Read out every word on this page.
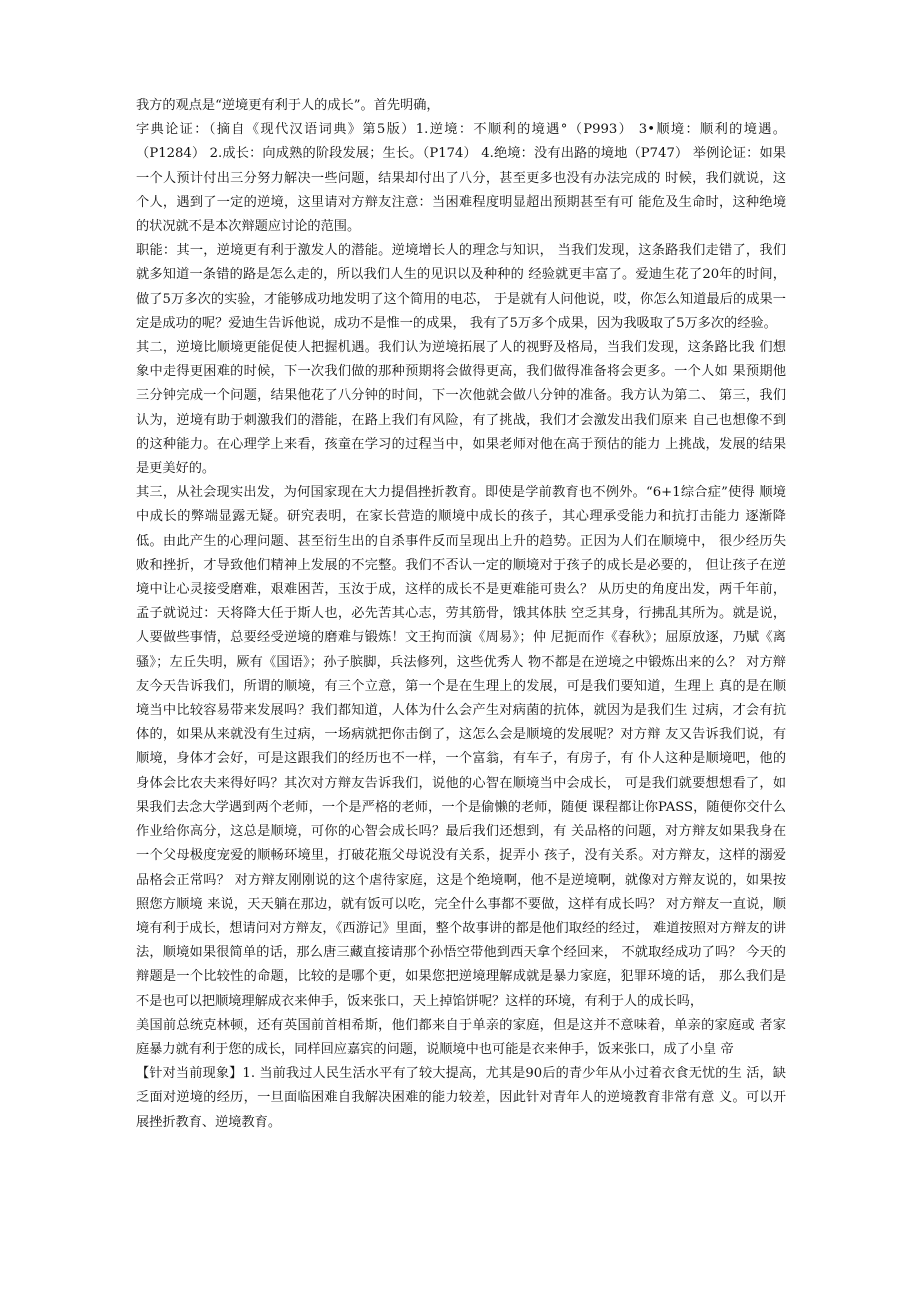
我方的观点是“逆境更有利于人的成长”。首先明确，

字典论证：（摘自《现代汉语词典》第5版）1.逆境：不顺利的境遇°（P993） 3•顺境：顺利的境遇。（P1284） 2.成长：向成熟的阶段发展；生长。（P174） 4.绝境：没有出路的境地（P747） 举例论证：如果一个人预计付出三分努力解决一些问题，结果却付出了八分，甚至更多也没有办法完成的 时候，我们就说，这个人，遇到了一定的逆境，这里请对方辩友注意：当困难程度明显超出预期甚至有可 能危及生命时，这种绝境的状况就不是本次辩题应讨论的范围。

职能：其一，逆境更有利于激发人的潜能。逆境增长人的理念与知识， 当我们发现，这条路我们走错了，我们就多知道一条错的路是怎么走的，所以我们人生的见识以及种种的 经验就更丰富了。爱迪生花了20年的时间，做了5万多次的实验，才能够成功地发明了这个简用的电芯， 于是就有人问他说，哎，你怎么知道最后的成果一定是成功的呢？爱迪生告诉他说，成功不是惟一的成果， 我有了5万多个成果，因为我吸取了5万多次的经验。

其二，逆境比顺境更能促使人把握机遇。我们认为逆境拓展了人的视野及格局，当我们发现，这条路比我 们想象中走得更困难的时候，下一次我们做的那种预期将会做得更高，我们做得准备将会更多。一个人如 果预期他三分钟完成一个问题，结果他花了八分钟的时间，下一次他就会做八分钟的准备。我方认为第二、 第三，我们认为，逆境有助于刺激我们的潜能，在路上我们有风险，有了挑战，我们才会激发出我们原来 自己也想像不到的这种能力。在心理学上来看，孩童在学习的过程当中，如果老师对他在高于预估的能力 上挑战，发展的结果是更美好的。

其三，从社会现实出发，为何国家现在大力提倡挫折教育。即使是学前教育也不例外。“6+1综合症”使得 顺境中成长的弊端显露无疑。研究表明，在家长营造的顺境中成长的孩子，其心理承受能力和抗打击能力 逐渐降低。由此产生的心理问题、甚至衍生出的自杀事件反而呈现出上升的趋势。正因为人们在顺境中， 很少经历失败和挫折，才导致他们精神上发展的不完整。我们不否认一定的顺境对于孩子的成长是必要的， 但让孩子在逆境中让心灵接受磨难，艰难困苦，玉汝于成，这样的成长不是更难能可贵么？ 从历史的角度出发，两千年前，孟子就说过：天将降大任于斯人也，必先苦其心志，劳其筋骨，饿其体肤 空乏其身，行拂乱其所为。就是说，人要做些事情，总要经受逆境的磨难与锻炼！文王拘而演《周易》；仲 尼扼而作《春秋》；屈原放逐，乃赋《离骚》；左丘失明，厥有《国语》；孙子膑脚，兵法修列，这些优秀人 物不都是在逆境之中锻炼出来的么？ 对方辩友今天告诉我们，所谓的顺境，有三个立意，第一个是在生理上的发展，可是我们要知道，生理上 真的是在顺境当中比较容易带来发展吗？我们都知道，人体为什么会产生对病菌的抗体，就因为是我们生 过病，才会有抗体的，如果从来就没有生过病，一场病就把你击倒了，这怎么会是顺境的发展呢？对方辩 友又告诉我们说，有顺境，身体才会好，可是这跟我们的经历也不一样，一个富翁，有车子，有房子，有 仆人这种是顺境吧，他的身体会比农夫来得好吗？其次对方辩友告诉我们，说他的心智在顺境当中会成长， 可是我们就要想想看了，如果我们去念大学遇到两个老师，一个是严格的老师，一个是偷懒的老师，随便 课程都让你PASS，随便你交什么作业给你高分，这总是顺境，可你的心智会成长吗？最后我们还想到，有 关品格的问题，对方辩友如果我身在一个父母极度宠爱的顺畅环境里，打破花瓶父母说没有关系，捉弄小 孩子，没有关系。对方辩友，这样的溺爱品格会正常吗？ 对方辩友刚刚说的这个虐待家庭，这是个绝境啊，他不是逆境啊，就像对方辩友说的，如果按照您方顺境 来说，天天躺在那边，就有饭可以吃，完全什么事都不要做，这样有成长吗？ 对方辩友一直说，顺境有利于成长，想请问对方辩友，《西游记》里面，整个故事讲的都是他们取经的经过， 难道按照对方辩友的讲法，顺境如果很简单的话，那么唐三藏直接请那个孙悟空带他到西天拿个经回来， 不就取经成功了吗？ 今天的辩题是一个比较性的命题，比较的是哪个更，如果您把逆境理解成就是暴力家庭，犯罪环境的话， 那么我们是不是也可以把顺境理解成衣来伸手，饭来张口，天上掉馅饼呢？这样的环境，有利于人的成长吗，

美国前总统克林顿，还有英国前首相希斯，他们都来自于单亲的家庭，但是这并不意味着，单亲的家庭或 者家庭暴力就有利于您的成长，同样回应嘉宾的问题，说顺境中也可能是衣来伸手，饭来张口，成了小皇 帝

【针对当前现象】1. 当前我过人民生活水平有了较大提高，尤其是90后的青少年从小过着衣食无忧的生 活，缺乏面对逆境的经历，一旦面临困难自我解决困难的能力较差，因此针对青年人的逆境教育非常有意 义。可以开展挫折教育、逆境教育。
